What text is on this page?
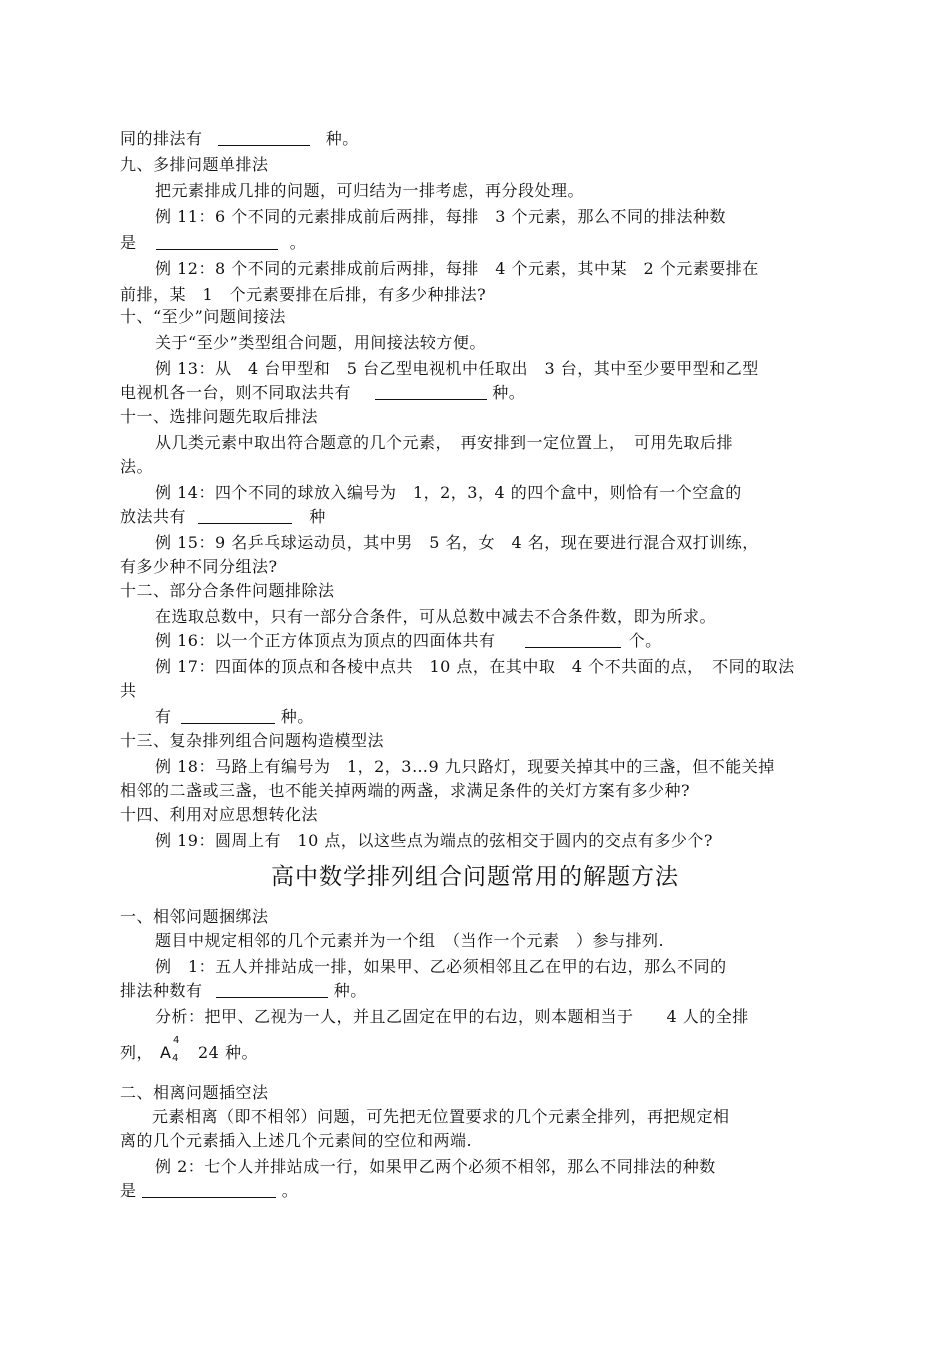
同的排法有	种。
九、多排问题单排法
把元素排成几排的问题，可归结为一排考虑，再分段处理。
例 11：6 个不同的元素排成前后两排，每排　3 个元素，那么不同的排法种数
是	。
例 12：8 个不同的元素排成前后两排，每排　4 个元素，其中某　2 个元素要排在
前排，某　1　个元素要排在后排，有多少种排法?
十、“至少”问题间接法
关于“至少”类型组合问题，用间接法较方便。
例 13：从　4 台甲型和　5 台乙型电视机中任取出　3 台，其中至少要甲型和乙型
电视机各一台，则不同取法共有	种。
十一、选排问题先取后排法
从几类元素中取出符合题意的几个元素，　再安排到一定位置上，　可用先取后排
法。
例 14：四个不同的球放入编号为　1，2，3，4 的四个盒中，则恰有一个空盒的
放法共有	种
例 15：9 名乒乓球运动员，其中男　5 名，女　4 名，现在要进行混合双打训练，
有多少种不同分组法?
十二、部分合条件问题排除法
在选取总数中，只有一部分合条件，可从总数中减去不合条件数，即为所求。
例 16：以一个正方体顶点为顶点的四面体共有	个。
例 17：四面体的顶点和各棱中点共　10 点，在其中取　4 个不共面的点，　不同的取法
共
有	种。
十三、复杂排列组合问题构造模型法
例 18：马路上有编号为　1，2，3…9 九只路灯，现要关掉其中的三盏，但不能关掉
相邻的二盏或三盏，也不能关掉两端的两盏，求满足条件的关灯方案有多少种?
十四、利用对应思想转化法
例 19：圆周上有　10 点，以这些点为端点的弦相交于圆内的交点有多少个?
高中数学排列组合问题常用的解题方法
一、相邻问题捆绑法
题目中规定相邻的几个元素并为一个组　（当作一个元素　）参与排列.
例　1：五人并排站成一排，如果甲、乙必须相邻且乙在甲的右边，那么不同的
排法种数有	种。
分析：把甲、乙视为一人，并且乙固定在甲的右边，则本题相当于　　4 人的全排
列， A
4
4 24 种。
二、相离问题插空法
元素相离（即不相邻）问题，可先把无位置要求的几个元素全排列，再把规定相
离的几个元素插入上述几个元素间的空位和两端.
例 2：七个人并排站成一行，如果甲乙两个必须不相邻，那么不同排法的种数
是	。
